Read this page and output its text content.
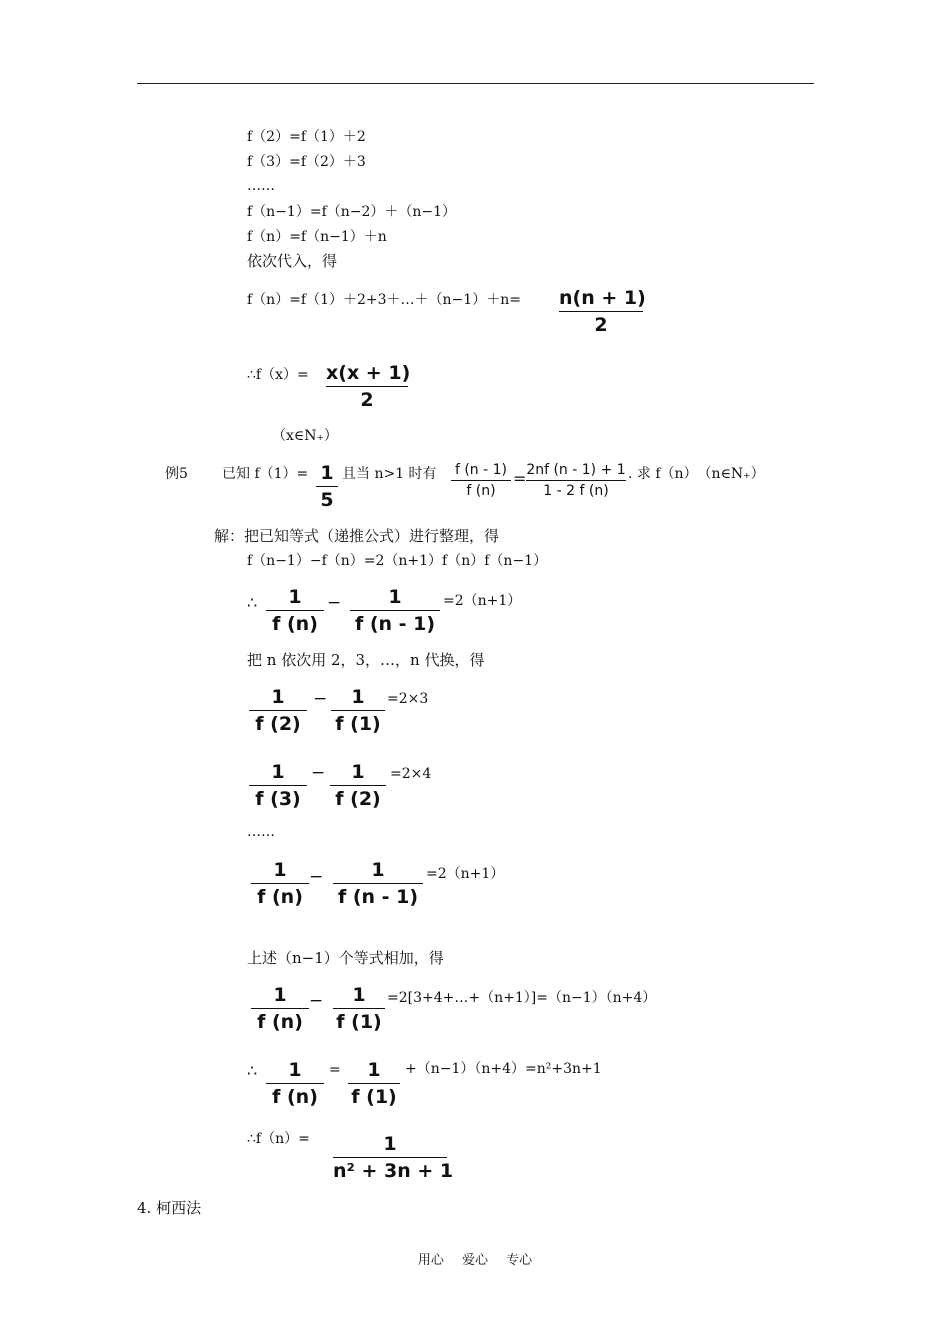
f（2）=f（1）＋2
f（3）=f（2）＋3
……
f（n−1）=f（n−2）＋（n−1）
f（n）=f（n−1）＋n
依次代入，得
f（n）=f（1）＋2+3＋…＋（n−1）＋n= n(n + 1)
2
∴f（x）= x(x + 1)
2
（x∈N₊）
例5 已知 f（1）= 1
5
且当 n>1 时有 f (n - 1)
f (n)
= 2nf (n - 1) + 1
1 - 2 f (n)
. 求 f（n）　（n∈N₊）
解：把已知等式（递推公式）进行整理，得
f（n−1）−f（n）=2（n+1）f（n）f（n−1）
∴	1
f (n)
−	1
f (n - 1)
=2（n+1）
把 n 依次用 2，3，…，n 代换，得
1
f (2)
−	1
f (1)
=2×3
1
f (3)
−	1
f (2)
=2×4
……
1
f (n)
−	1
f (n - 1)
=2（n+1）
上述（n−1）个等式相加，得
1
f (n)
−	1
f (1)
=2[3+4+…+（n+1）]=（n−1）（n+4）
∴	1
f (n)
=	1
f (1)
+（n−1）（n+4）=n²+3n+1
∴f（n）=	1
n² + 3n + 1
4. 柯西法
用心 爱心 专心
